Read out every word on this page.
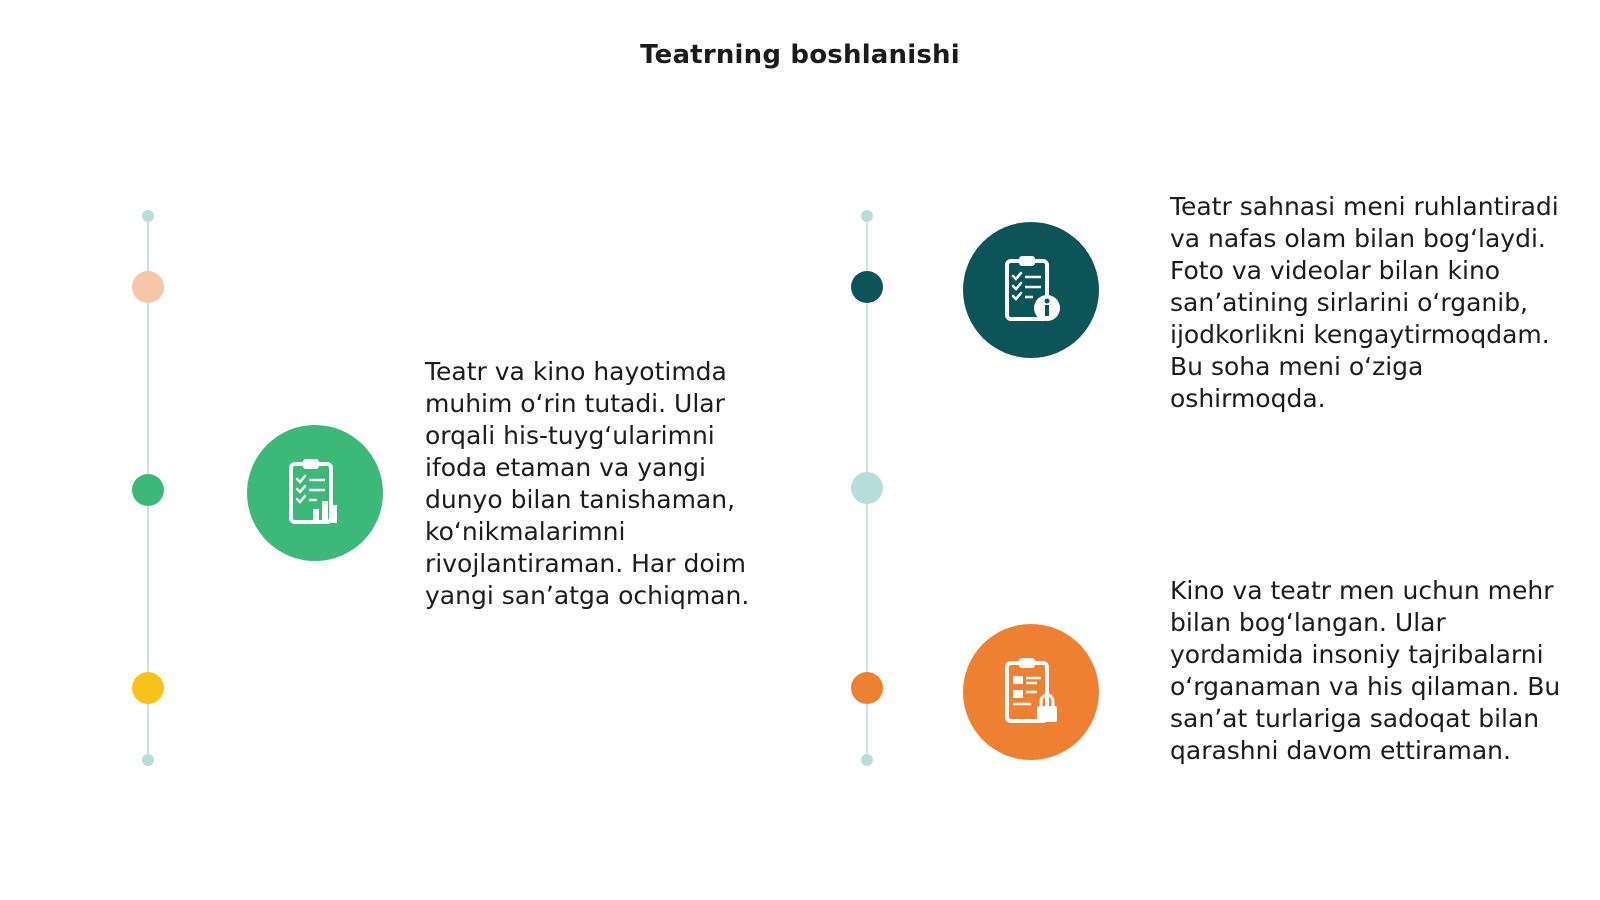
Teatrning boshlanishi
Teatr va kino hayotimda muhim oʻrin tutadi. Ular orqali his-tuygʻularimni ifoda etaman va yangi dunyo bilan tanishaman, koʻnikmalarimni rivojlantiraman. Har doim yangi sanʼatga ochiqman.
Teatr sahnasi meni ruhlantiradi va nafas olam bilan bogʻlaydi. Foto va videolar bilan kino sanʼatining sirlarini oʻrganib, ijodkorlikni kengaytirmoqdam. Bu soha meni oʻziga oshirmoqda.
Kino va teatr men uchun mehr bilan bogʻlangan. Ular yordamida insoniy tajribalarni oʻrganaman va his qilaman. Bu sanʼat turlariga sadoqat bilan qarashni davom ettiraman.
